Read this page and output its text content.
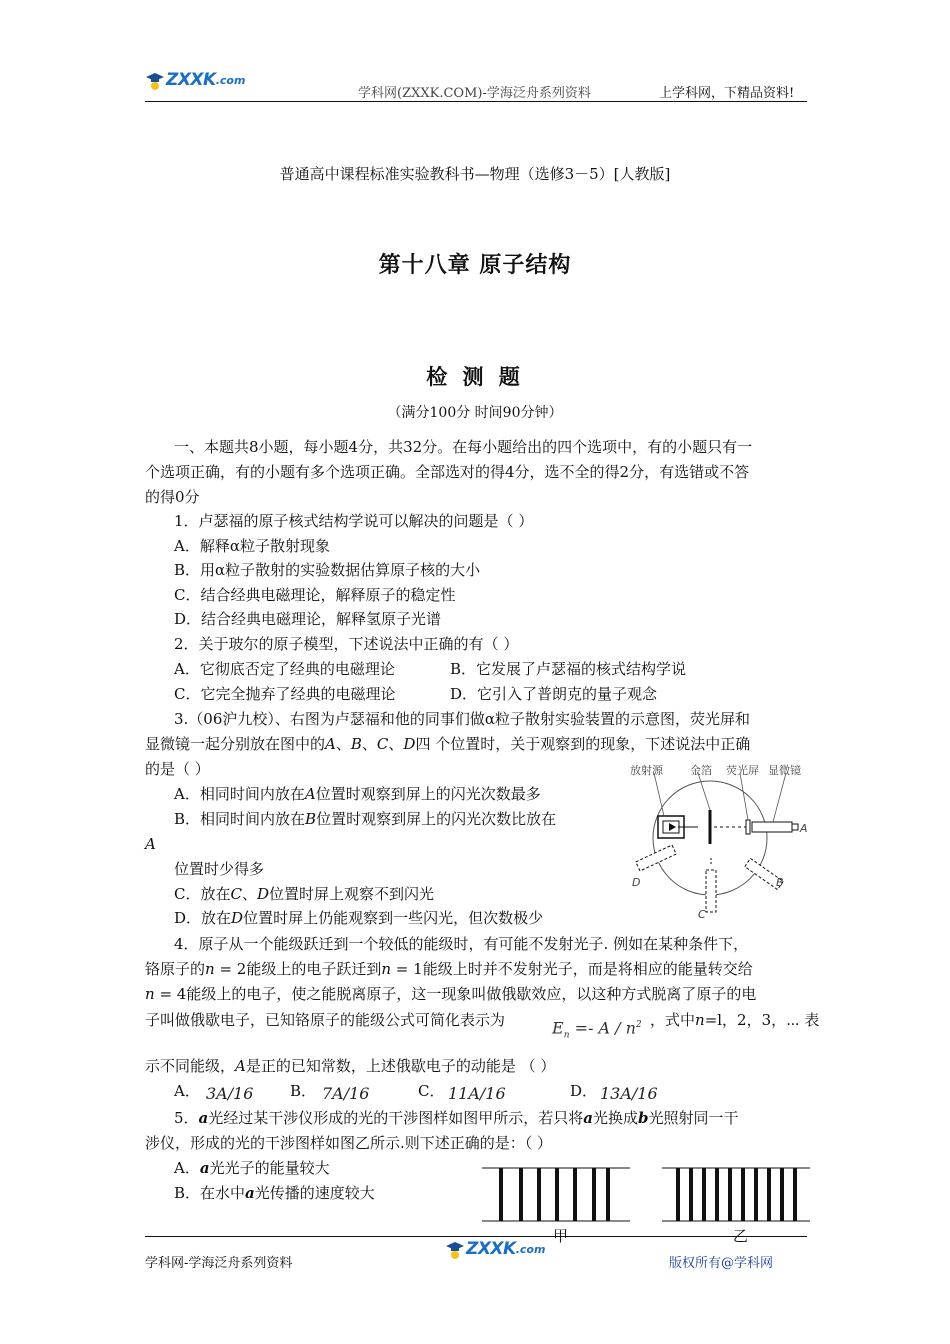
ZXXK .com
学科网(ZXXK.COM)-学海泛舟系列资料	上学科网，下精品资料!
普通高中课程标准实验教科书—物理（选修3－5）[人教版]
第十八章 原子结构
检 测 题
（满分100分 时间90分钟）
一、本题共8小题，每小题4分，共32分。在每小题给出的四个选项中，有的小题只有一
个选项正确，有的小题有多个选项正确。全部选对的得4分，选不全的得2分，有选错或不答
的得0分
1．卢瑟福的原子核式结构学说可以解决的问题是（ ）
A．解释α粒子散射现象
B．用α粒子散射的实验数据估算原子核的大小
C．结合经典电磁理论，解释原子的稳定性
D．结合经典电磁理论，解释氢原子光谱
2．关于玻尔的原子模型，下述说法中正确的有（ ）
A．它彻底否定了经典的电磁理论	B．它发展了卢瑟福的核式结构学说
C．它完全抛弃了经典的电磁理论	D．它引入了普朗克的量子观念
3.（06沪九校）、右图为卢瑟福和他的同事们做α粒子散射实验装置的示意图，荧光屏和
显微镜一起分别放在图中的A、B、C、D四 个位置时，关于观察到的现象，下述说法中正确
的是（ ）
A．相同时间内放在A位置时观察到屏上的闪光次数最多
B．相同时间内放在B位置时观察到屏上的闪光次数比放在
A
位置时少得多
C．放在C、D位置时屏上观察不到闪光
D．放在D位置时屏上仍能观察到一些闪光，但次数极少
放射源 金箔 荧光屏 显微镜
A
B
C
D
4．原子从一个能级跃迁到一个较低的能级时，有可能不发射光子. 例如在某种条件下，
铬原子的n = 2能级上的电子跃迁到n = 1能级上时并不发射光子，而是将相应的能量转交给
n = 4能级上的电子，使之能脱离原子，这一现象叫做俄歇效应，以这种方式脱离了原子的电
子叫做俄歇电子，已知铬原子的能级公式可简化表示为	$E_n =- A / n^2$ ，式中n=l，2，3，⋯ 表
示不同能级，A是正的已知常数，上述俄歇电子的动能是 （ ）
A． 3A/16 B． 7A/16	C． 11A/16	D． 13A/16
5．a光经过某干涉仪形成的光的干涉图样如图甲所示，若只将a光换成b光照射同一干
涉仪，形成的光的干涉图样如图乙所示.则下述正确的是：（ ）
A．a光光子的能量较大
B．在水中a光传播的速度较大
甲	乙
学科网-学海泛舟系列资料
ZXXK .com
版权所有@学科网
